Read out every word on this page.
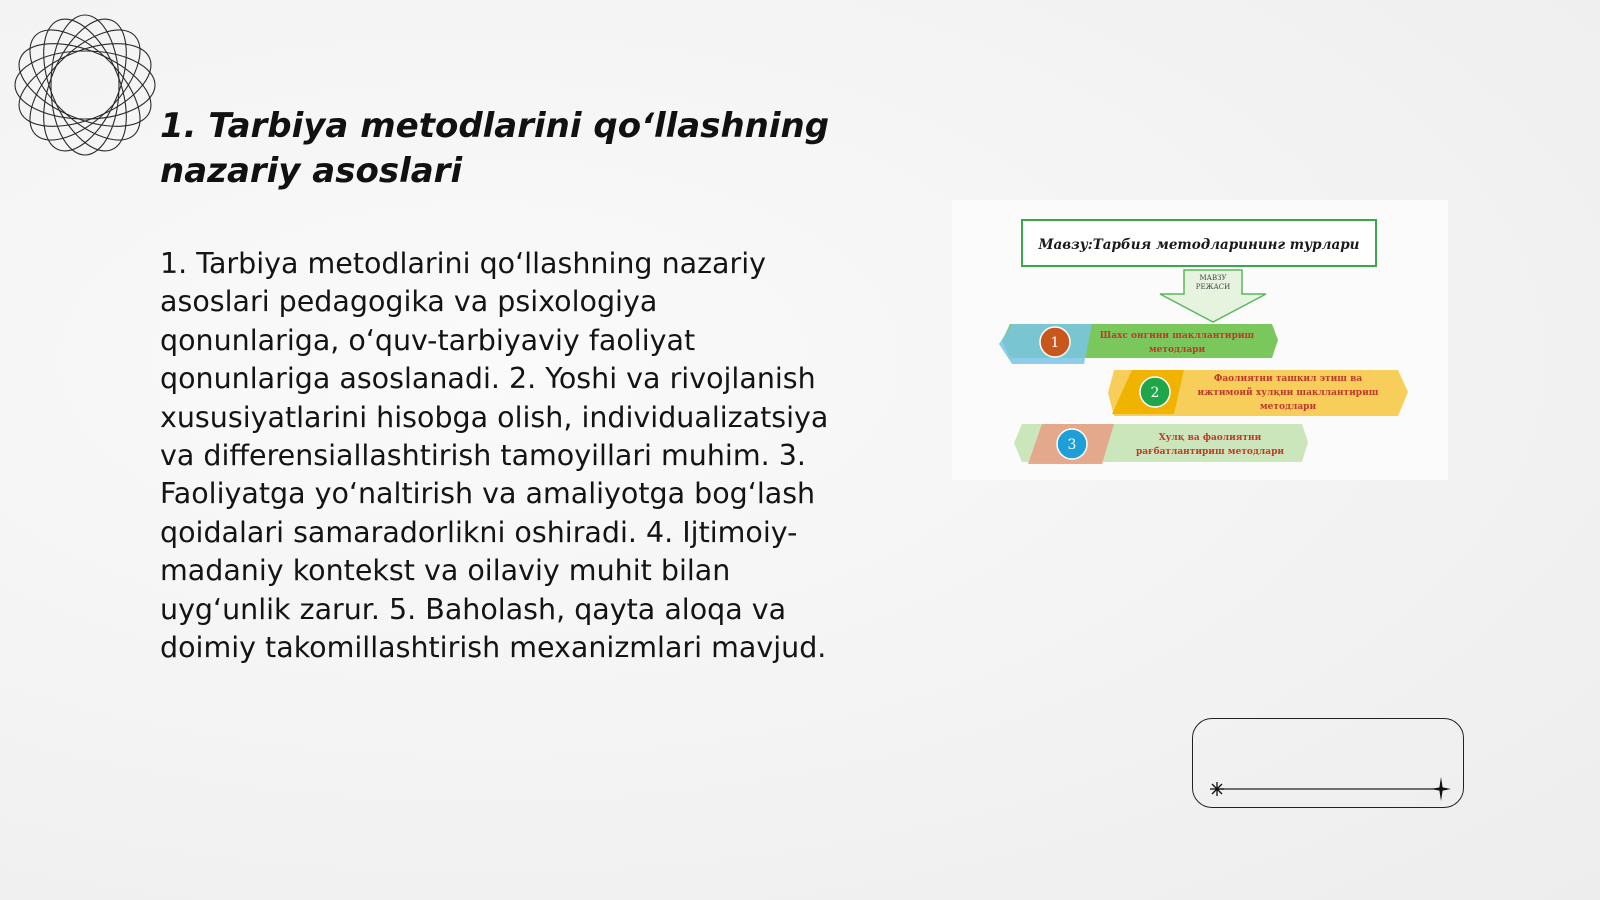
1. Tarbiya metodlarini qo‘llashning nazariy asoslari

1. Tarbiya metodlarini qo‘llashning nazariy asoslari pedagogika va psixologiya qonunlariga, o‘quv-tarbiyaviy faoliyat qonunlariga asoslanadi. 2. Yoshi va rivojlanish xususiyatlarini hisobga olish, individualizatsiya va differensiallashtirish tamoyillari muhim. 3. Faoliyatga yo‘naltirish va amaliyotga bog‘lash qoidalari samaradorlikni oshiradi. 4. Ijtimoiy-madaniy kontekst va oilaviy muhit bilan uyg‘unlik zarur. 5. Baholash, qayta aloqa va doimiy takomillashtirish mexanizmlari mavjud.

Мавзу:Тарбия методларининг турлари
МАВЗУ
РЕЖАСИ
1	Шахс онгини шакллантириш
методлари
2
Фаолиятни ташкил этиш ва
ижтимоий хулқни шакллантириш
методлари
3	Хулқ ва фаолиятни
рағбатлантириш методлари
